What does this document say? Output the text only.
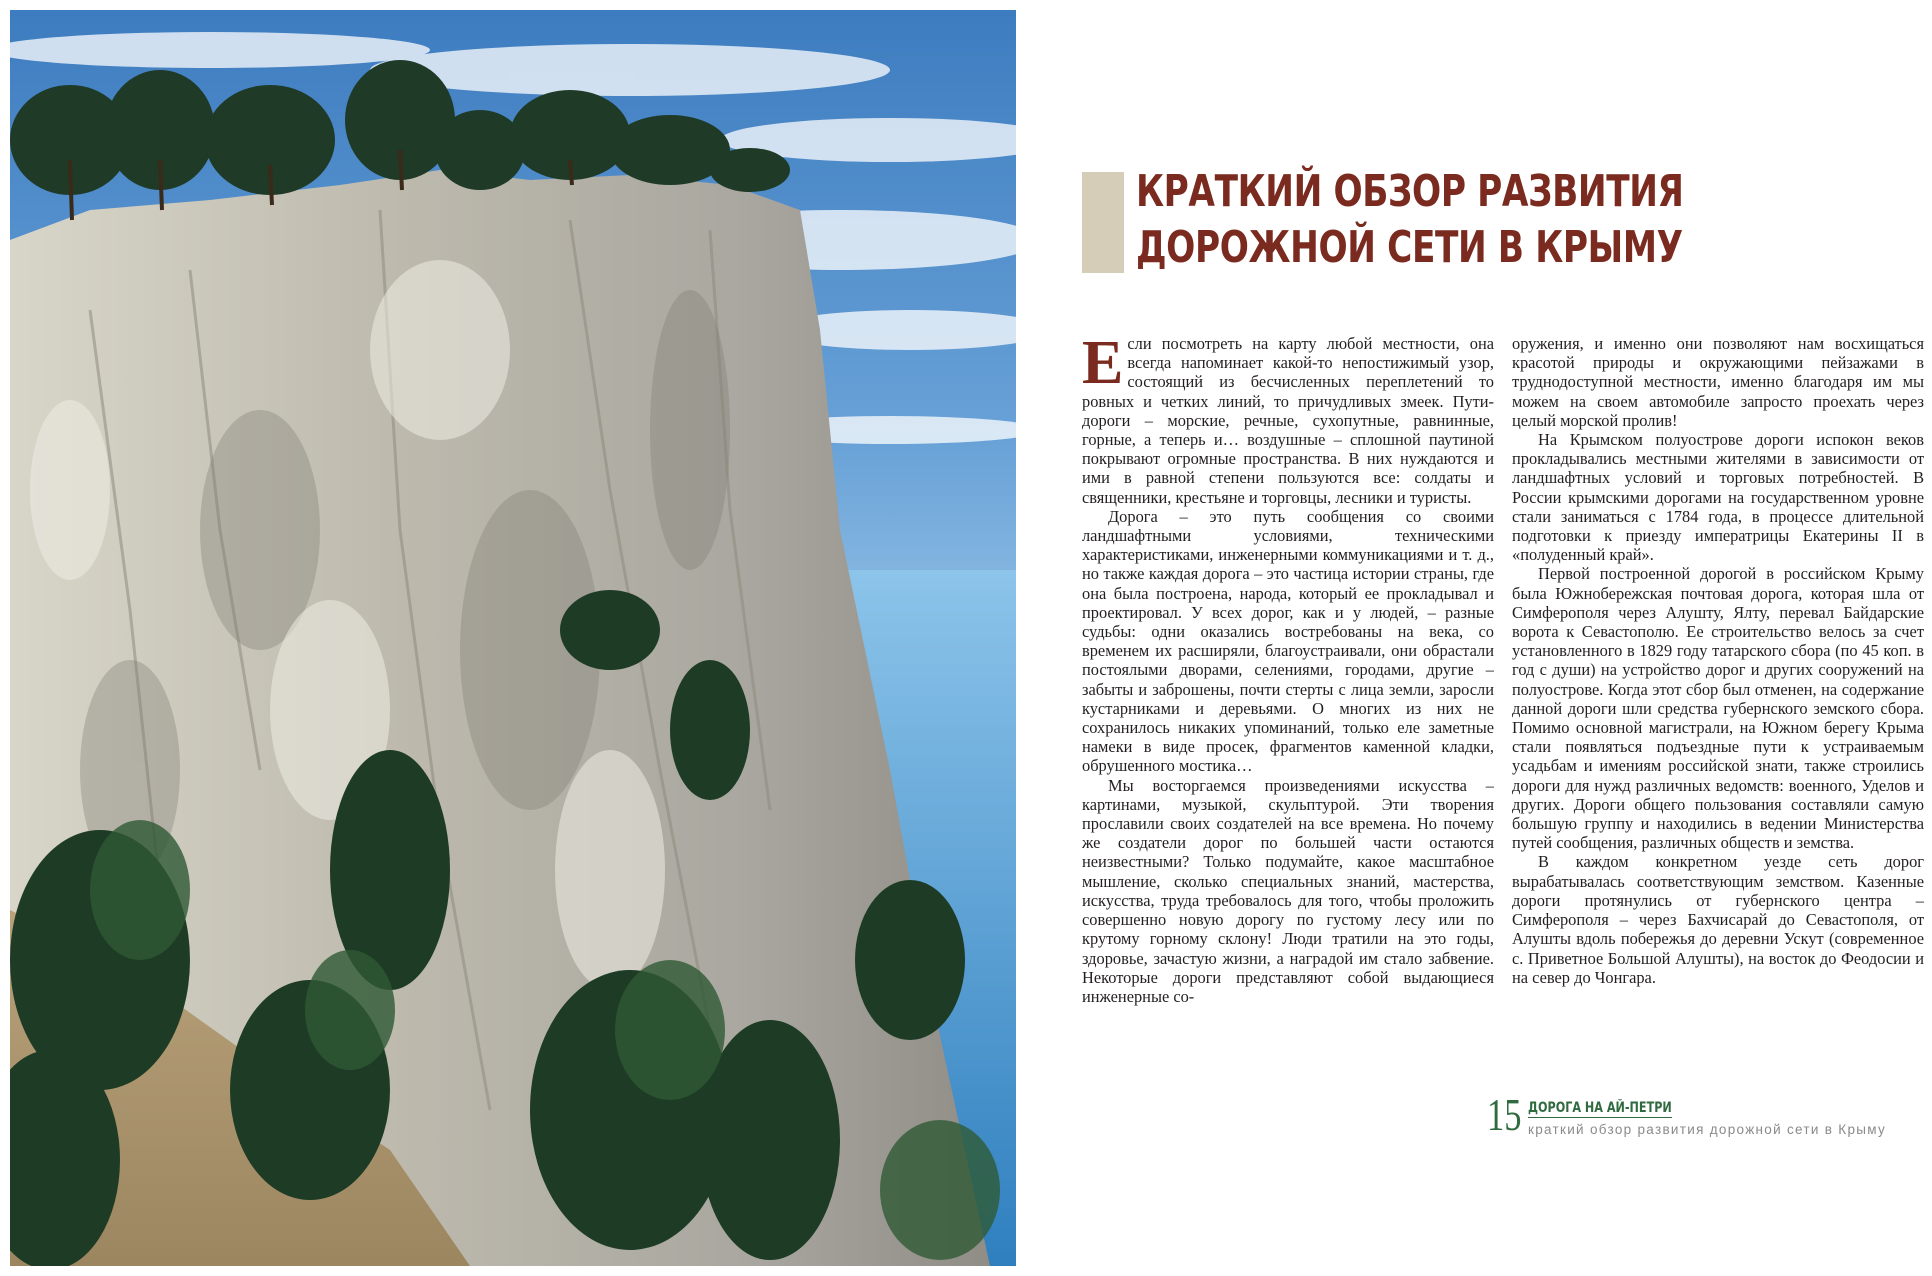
КРАТКИЙ ОБЗОР РАЗВИТИЯ ДОРОЖНОЙ СЕТИ В КРЫМУ

Если посмотреть на карту любой местности, она всегда напоминает какой-то непостижимый узор, состоящий из бесчисленных переплетений то ровных и четких линий, то причудливых змеек. Пути-дороги – морские, речные, сухопутные, равнинные, горные, а теперь и… воздушные – сплошной паутиной покрывают огромные пространства. В них нуждаются и ими в равной степени пользуются все: солдаты и священники, крестьяне и торговцы, лесники и туристы.

Дорога – это путь сообщения со своими ландшафтными условиями, техническими характеристиками, инженерными коммуникациями и т. д., но также каждая дорога – это частица истории страны, где она была построена, народа, который ее прокладывал и проектировал. У всех дорог, как и у людей, – разные судьбы: одни оказались востребованы на века, со временем их расширяли, благоустраивали, они обрастали постоялыми дворами, селениями, городами, другие – забыты и заброшены, почти стерты с лица земли, заросли кустарниками и деревьями. О многих из них не сохранилось никаких упоминаний, только еле заметные намеки в виде просек, фрагментов каменной кладки, обрушенного мостика…

Мы восторгаемся произведениями искусства – картинами, музыкой, скульптурой. Эти творения прославили своих создателей на все времена. Но почему же создатели дорог по большей части остаются неизвестными? Только подумайте, какое масштабное мышление, сколько специальных знаний, мастерства, искусства, труда требовалось для того, чтобы проложить совершенно новую дорогу по густому лесу или по крутому горному склону! Люди тратили на это годы, здоровье, зачастую жизни, а наградой им стало забвение. Некоторые дороги представляют собой выдающиеся инженерные со-

оружения, и именно они позволяют нам восхищаться красотой природы и окружающими пейзажами в труднодоступной местности, именно благодаря им мы можем на своем автомобиле запросто проехать через целый морской пролив!

На Крымском полуострове дороги испокон веков прокладывались местными жителями в зависимости от ландшафтных условий и торговых потребностей. В России крымскими дорогами на государственном уровне стали заниматься с 1784 года, в процессе длительной подготовки к приезду императрицы Екатерины II в «полуденный край».

Первой построенной дорогой в российском Крыму была Южнобережская почтовая дорога, которая шла от Симферополя через Алушту, Ялту, перевал Байдарские ворота к Севастополю. Ее строительство велось за счет установленного в 1829 году татарского сбора (по 45 коп. в год с души) на устройство дорог и других сооружений на полуострове. Когда этот сбор был отменен, на содержание данной дороги шли средства губернского земского сбора. Помимо основной магистрали, на Южном берегу Крыма стали появляться подъездные пути к устраиваемым усадьбам и имениям российской знати, также строились дороги для нужд различных ведомств: военного, Уделов и других. Дороги общего пользования составляли самую большую группу и находились в ведении Министерства путей сообщения, различных обществ и земства.

В каждом конкретном уезде сеть дорог вырабатывалась соответствующим земством. Казенные дороги протянулись от губернского центра – Симферополя – через Бахчисарай до Севастополя, от Алушты вдоль побережья до деревни Ускут (современное с. Приветное Большой Алушты), на восток до Феодосии и на север до Чонгара.

15 ДОРОГА НА АЙ-ПЕТРИ
краткий обзор развития дорожной сети в Крыму
